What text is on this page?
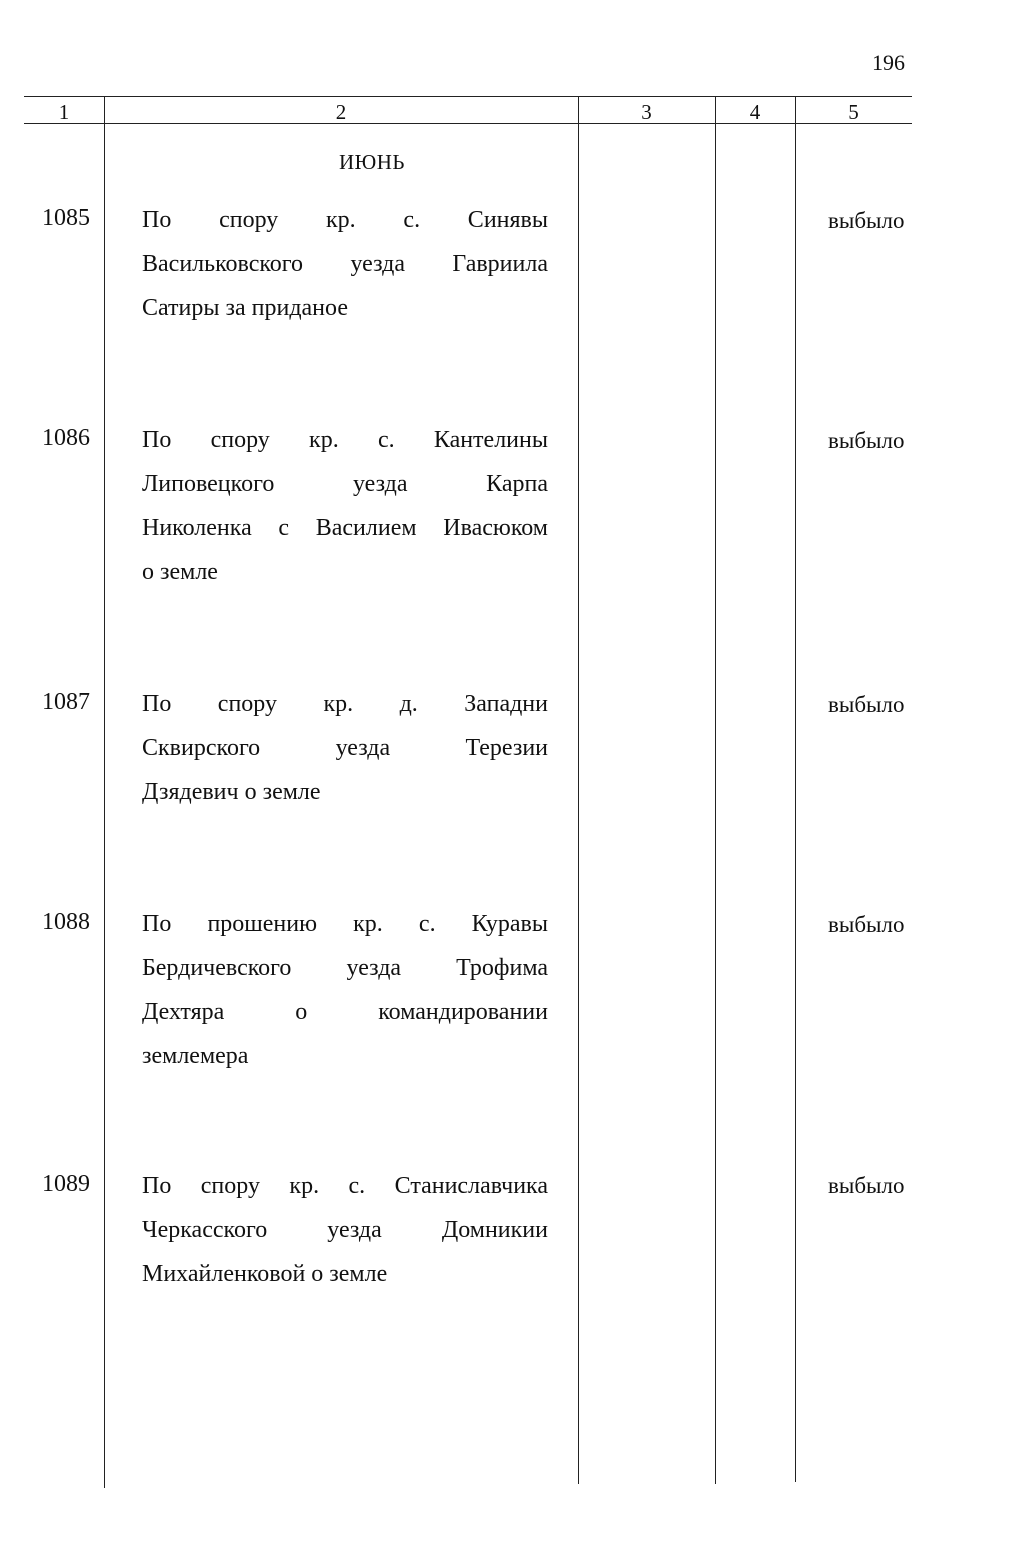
196
1	2	3	4	5
ИЮНЬ
1085 По спору кр. с. Синявы
Васильковского уезда Гавриила
Сатиры за приданое
выбыло
1086 По спору кр. с. Кантелины
Липовецкого уезда Карпа
Николенка с Василием Ивасюком
о земле
выбыло
1087 По спору кр. д. Западни
Сквирского уезда Терезии
Дзядевич о земле
выбыло
1088 По прошению кр. с. Куравы
Бердичевского уезда Трофима
Дехтяра о командировании
землемера
выбыло
1089 По спору кр. с. Станиславчика
Черкасского уезда Домникии
Михайленковой о земле
выбыло
